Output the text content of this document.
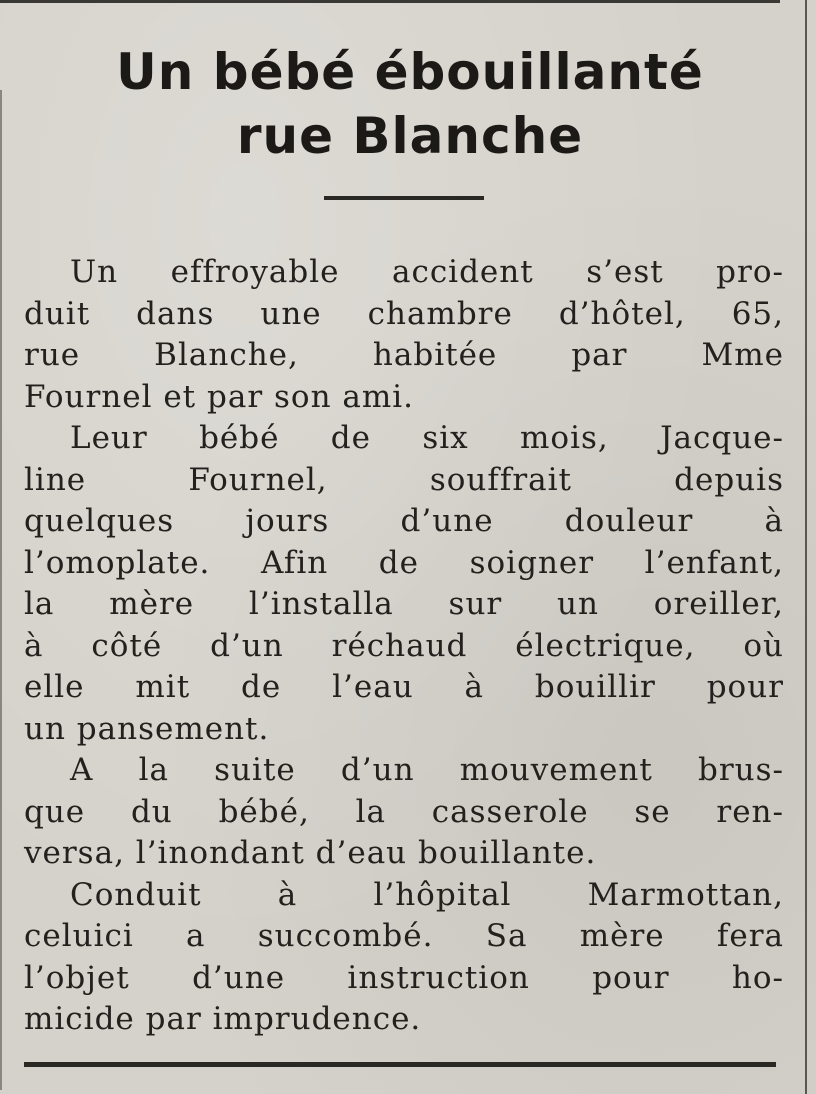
Un bébé ébouillanté
rue Blanche
Un effroyable accident s’est pro-
duit dans une chambre d’hôtel, 65,
rue Blanche, habitée par Mme
Fournel et par son ami.
Leur bébé de six mois, Jacque-
line Fournel, souffrait depuis
quelques jours d’une douleur à
l’omoplate. Afin de soigner l’enfant,
la mère l’installa sur un oreiller,
à côté d’un réchaud électrique, où
elle mit de l’eau à bouillir pour
un pansement.
A la suite d’un mouvement brus-
que du bébé, la casserole se ren-
versa, l’inondant d’eau bouillante.
Conduit à l’hôpital Marmottan,
celuici a succombé. Sa mère fera
l’objet d’une instruction pour ho-
micide par imprudence.
